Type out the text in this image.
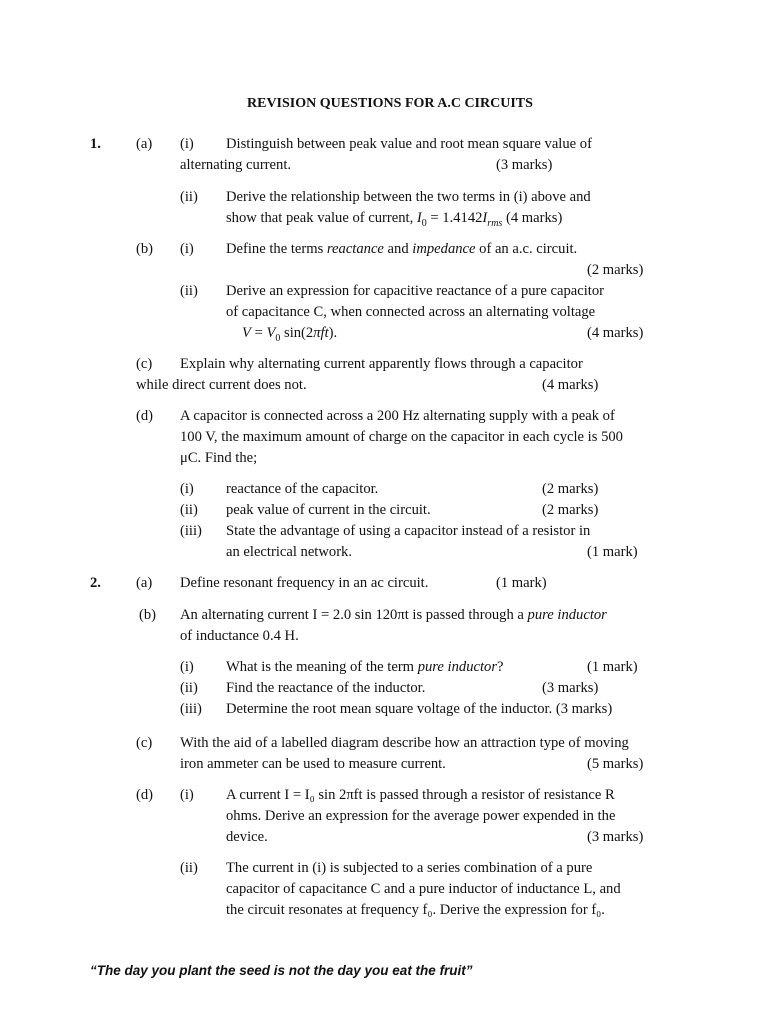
REVISION QUESTIONS FOR A.C CIRCUITS
1. (a) (i) Distinguish between peak value and root mean square value of
alternating current.	(3 marks)
(ii) Derive the relationship between the two terms in (i) above and
show that peak value of current, $I_0 = 1.4142I_{rms}$ (4 marks)
(b) (i) Define the terms reactance and impedance of an a.c. circuit.
(2 marks)
(ii) Derive an expression for capacitive reactance of a pure capacitor
of capacitance C, when connected across an alternating voltage
$V = V_0$ sin(2πft).	(4 marks)
(c) Explain why alternating current apparently flows through a capacitor
while direct current does not.	(4 marks)
(d) A capacitor is connected across a 200 Hz alternating supply with a peak of
100 V, the maximum amount of charge on the capacitor in each cycle is 500
μC. Find the;
(i) reactance of the capacitor.	(2 marks)
(ii) peak value of current in the circuit.	(2 marks)
(iii) State the advantage of using a capacitor instead of a resistor in
an electrical network.	(1 mark)
2. (a) Define resonant frequency in an ac circuit.	(1 mark)
(b) An alternating current I = 2.0 sin 120πt is passed through a pure inductor
of inductance 0.4 H.
(i) What is the meaning of the term pure inductor?	(1 mark)
(ii) Find the reactance of the inductor.	(3 marks)
(iii) Determine the root mean square voltage of the inductor. (3 marks)
(c) With the aid of a labelled diagram describe how an attraction type of moving
iron ammeter can be used to measure current.	(5 marks)
(d) (i) A current I = I₀ sin 2πft is passed through a resistor of resistance R
ohms. Derive an expression for the average power expended in the
device.	(3 marks)
(ii) The current in (i) is subjected to a series combination of a pure
capacitor of capacitance C and a pure inductor of inductance L, and
the circuit resonates at frequency f₀. Derive the expression for f₀.
“The day you plant the seed is not the day you eat the fruit”
